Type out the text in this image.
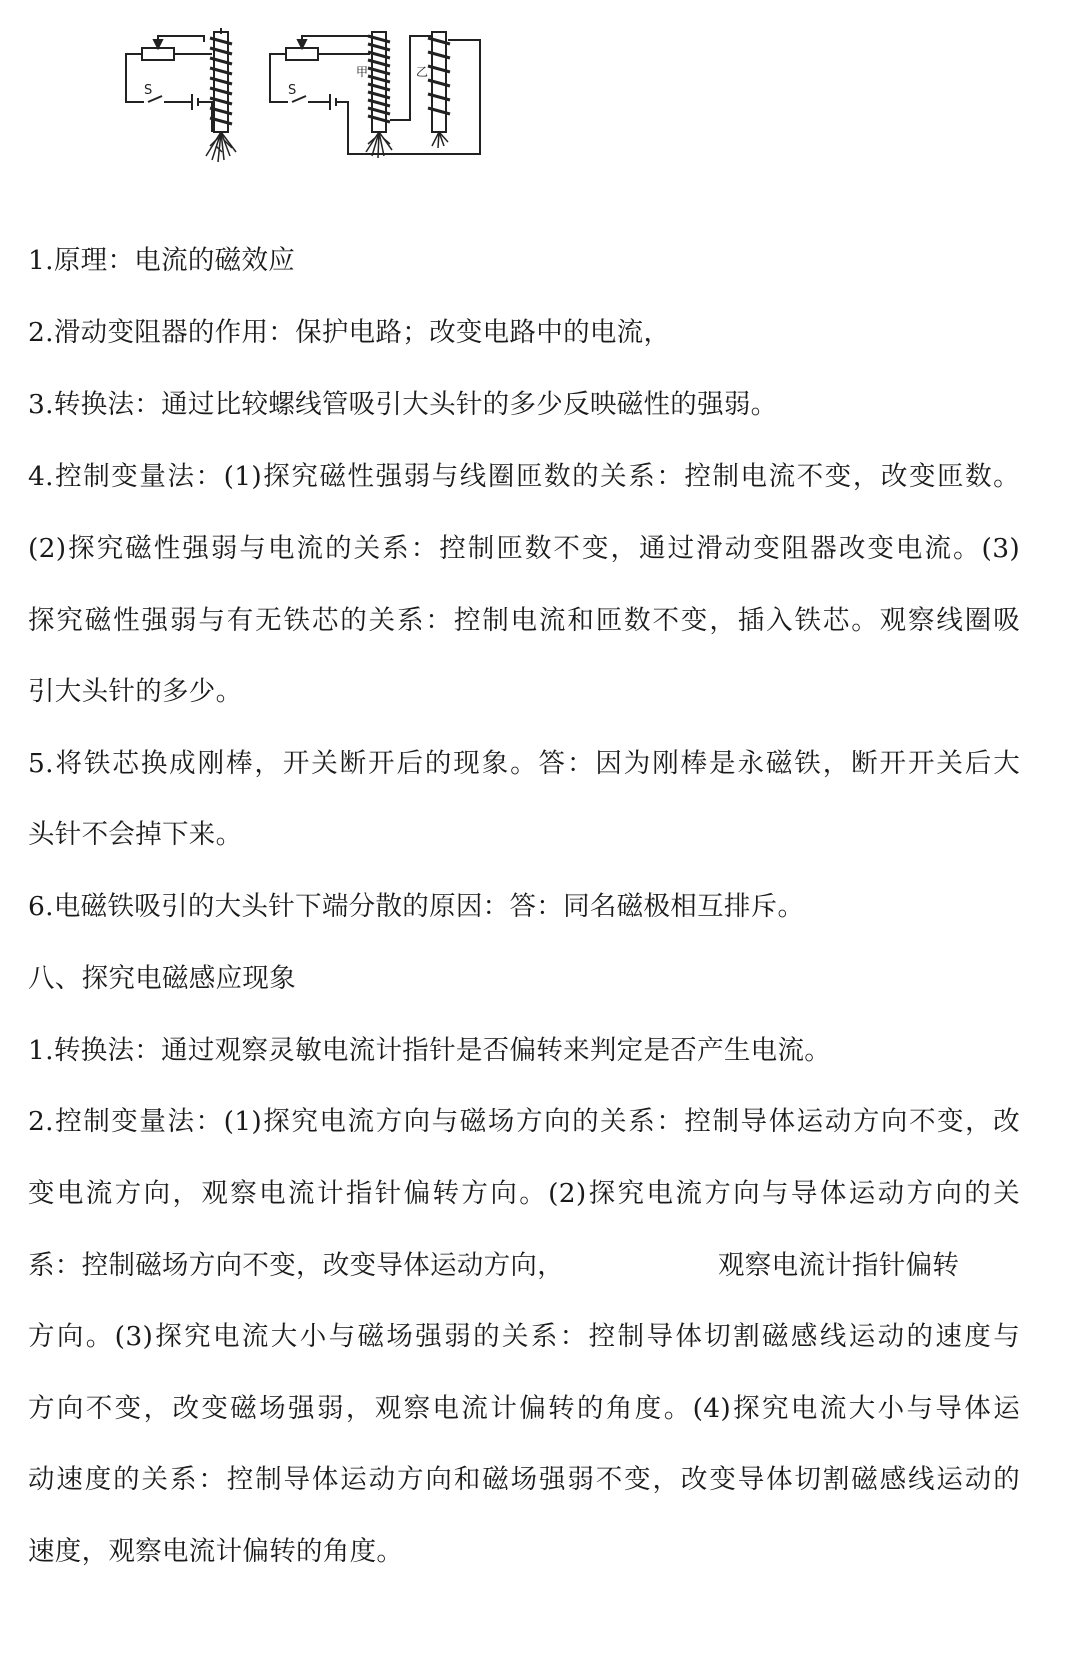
S	S
甲	乙
1.原理：电流的磁效应
2.滑动变阻器的作用：保护电路；改变电路中的电流，
3.转换法：通过比较螺线管吸引大头针的多少反映磁性的强弱。
4.控制变量法：(1)探究磁性强弱与线圈匝数的关系：控制电流不变，改变匝数。
(2)探究磁性强弱与电流的关系：控制匝数不变，通过滑动变阻器改变电流。(3)
探究磁性强弱与有无铁芯的关系：控制电流和匝数不变，插入铁芯。观察线圈吸
引大头针的多少。
5.将铁芯换成刚棒，开关断开后的现象。答：因为刚棒是永磁铁，断开开关后大
头针不会掉下来。
6.电磁铁吸引的大头针下端分散的原因：答：同名磁极相互排斥。
八、探究电磁感应现象
1.转换法：通过观察灵敏电流计指针是否偏转来判定是否产生电流。
2.控制变量法：(1)探究电流方向与磁场方向的关系：控制导体运动方向不变，改
变电流方向，观察电流计指针偏转方向。(2)探究电流方向与导体运动方向的关
系：控制磁场方向不变，改变导体运动方向，	观察电流计指针偏转
方向。(3)探究电流大小与磁场强弱的关系：控制导体切割磁感线运动的速度与
方向不变，改变磁场强弱，观察电流计偏转的角度。(4)探究电流大小与导体运
动速度的关系：控制导体运动方向和磁场强弱不变，改变导体切割磁感线运动的
速度，观察电流计偏转的角度。
